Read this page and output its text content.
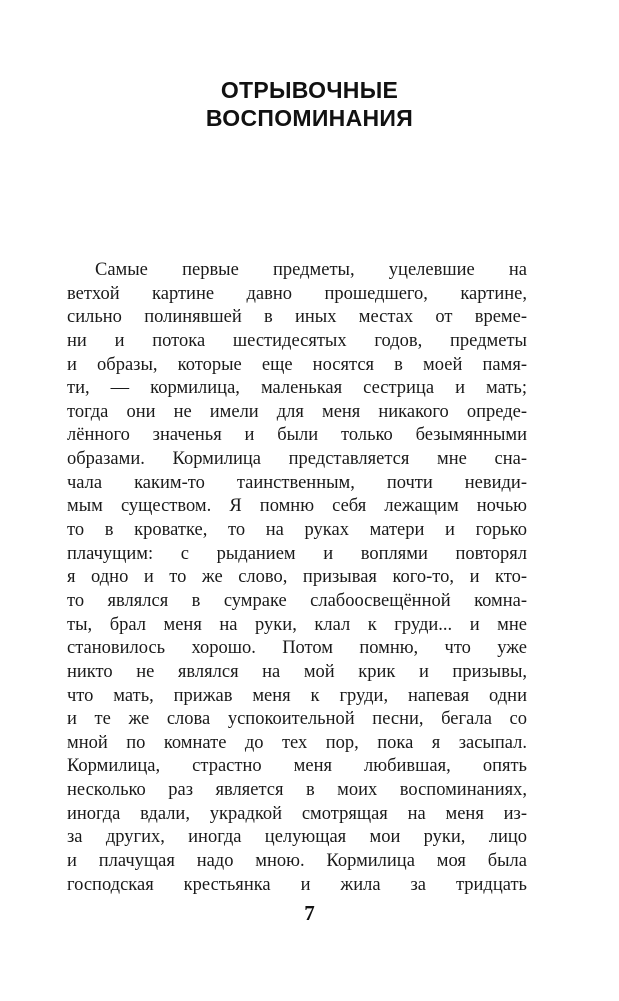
ОТРЫВОЧНЫЕ
ВОСПОМИНАНИЯ
Самые первые предметы, уцелевшие на
ветхой картине давно прошедшего, картине,
сильно полинявшей в иных местах от време-
ни и потока шестидесятых годов, предметы
и образы, которые еще носятся в моей памя-
ти, — кормилица, маленькая сестрица и мать;
тогда они не имели для меня никакого опреде-
лённого значенья и были только безымянными
образами. Кормилица представляется мне сна-
чала каким-то таинственным, почти невиди-
мым существом. Я помню себя лежащим ночью
то в кроватке, то на руках матери и горько
плачущим: с рыданием и воплями повторял
я одно и то же слово, призывая кого-то, и кто-
то являлся в сумраке слабоосвещённой комна-
ты, брал меня на руки, клал к груди... и мне
становилось хорошо. Потом помню, что уже
никто не являлся на мой крик и призывы,
что мать, прижав меня к груди, напевая одни
и те же слова успокоительной песни, бегала со
мной по комнате до тех пор, пока я засыпал.
Кормилица, страстно меня любившая, опять
несколько раз является в моих воспоминаниях,
иногда вдали, украдкой смотрящая на меня из-
за других, иногда целующая мои руки, лицо
и плачущая надо мною. Кормилица моя была
господская крестьянка и жила за тридцать
7
